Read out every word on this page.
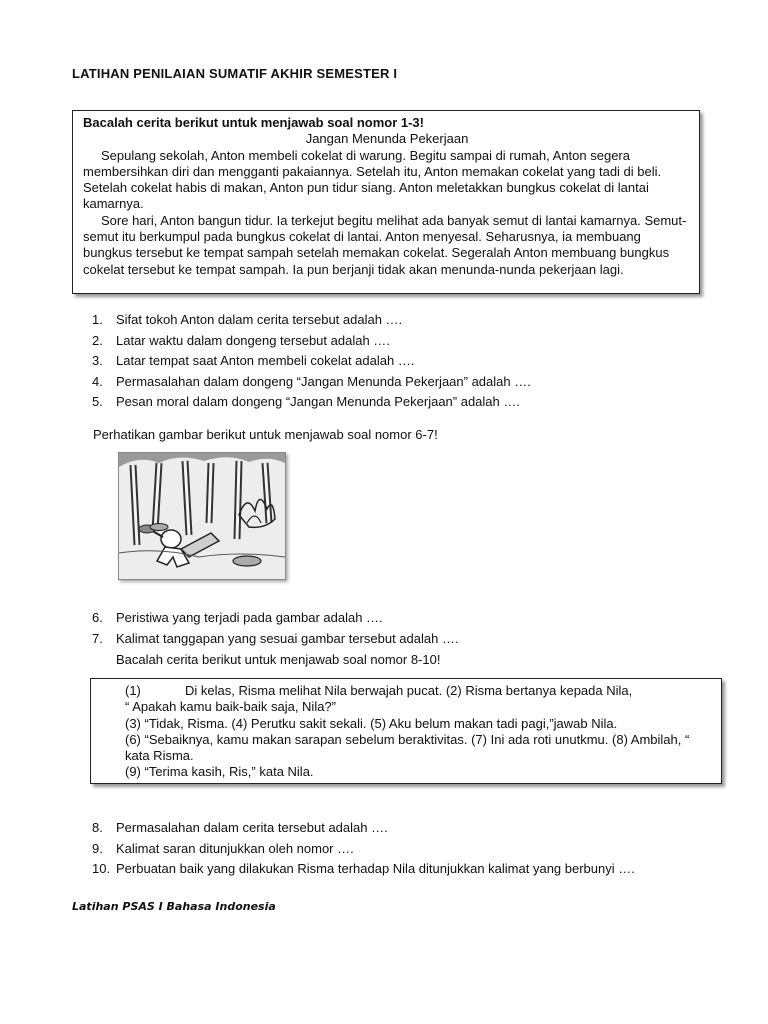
LATIHAN PENILAIAN SUMATIF AKHIR SEMESTER I
Bacalah cerita berikut untuk menjawab soal nomor 1-3!
Jangan Menunda Pekerjaan

Sepulang sekolah, Anton membeli cokelat di warung. Begitu sampai di rumah, Anton segera membersihkan diri dan mengganti pakaiannya. Setelah itu, Anton memakan cokelat yang tadi di beli. Setelah cokelat habis di makan, Anton pun tidur siang. Anton meletakkan bungkus cokelat di lantai kamarnya.

Sore hari, Anton bangun tidur. Ia terkejut begitu melihat ada banyak semut di lantai kamarnya. Semut-semut itu berkumpul pada bungkus cokelat di lantai. Anton menyesal. Seharusnya, ia membuang bungkus tersebut ke tempat sampah setelah memakan cokelat. Segeralah Anton membuang bungkus cokelat tersebut ke tempat sampah. Ia pun berjanji tidak akan menunda-nunda pekerjaan lagi.

1.	Sifat tokoh Anton dalam cerita tersebut adalah ….
2.	Latar waktu dalam dongeng tersebut adalah ….
3.	Latar tempat saat Anton membeli cokelat adalah ….
4.	Permasalahan dalam dongeng “Jangan Menunda Pekerjaan” adalah ….
5.	Pesan moral dalam dongeng “Jangan Menunda Pekerjaan” adalah ….
Perhatikan gambar berikut untuk menjawab soal nomor 6-7!
6.	Peristiwa yang terjadi pada gambar adalah ….
7.	Kalimat tanggapan yang sesuai gambar tersebut adalah ….
Bacalah cerita berikut untuk menjawab soal nomor 8-10!
(1)	Di kelas, Risma melihat Nila berwajah pucat. (2) Risma bertanya kepada Nila,
“ Apakah kamu baik-baik saja, Nila?”
(3) “Tidak, Risma. (4) Perutku sakit sekali. (5) Aku belum makan tadi pagi,”jawab Nila.
(6) “Sebaiknya, kamu makan sarapan sebelum beraktivitas. (7) Ini ada roti unutkmu. (8) Ambilah, “ kata Risma.
(9) “Terima kasih, Ris,” kata Nila.
8.	Permasalahan dalam cerita tersebut adalah ….
9.	Kalimat saran ditunjukkan oleh nomor ….
10. Perbuatan baik yang dilakukan Risma terhadap Nila ditunjukkan kalimat yang berbunyi ….
Latihan PSAS I Bahasa Indonesia
